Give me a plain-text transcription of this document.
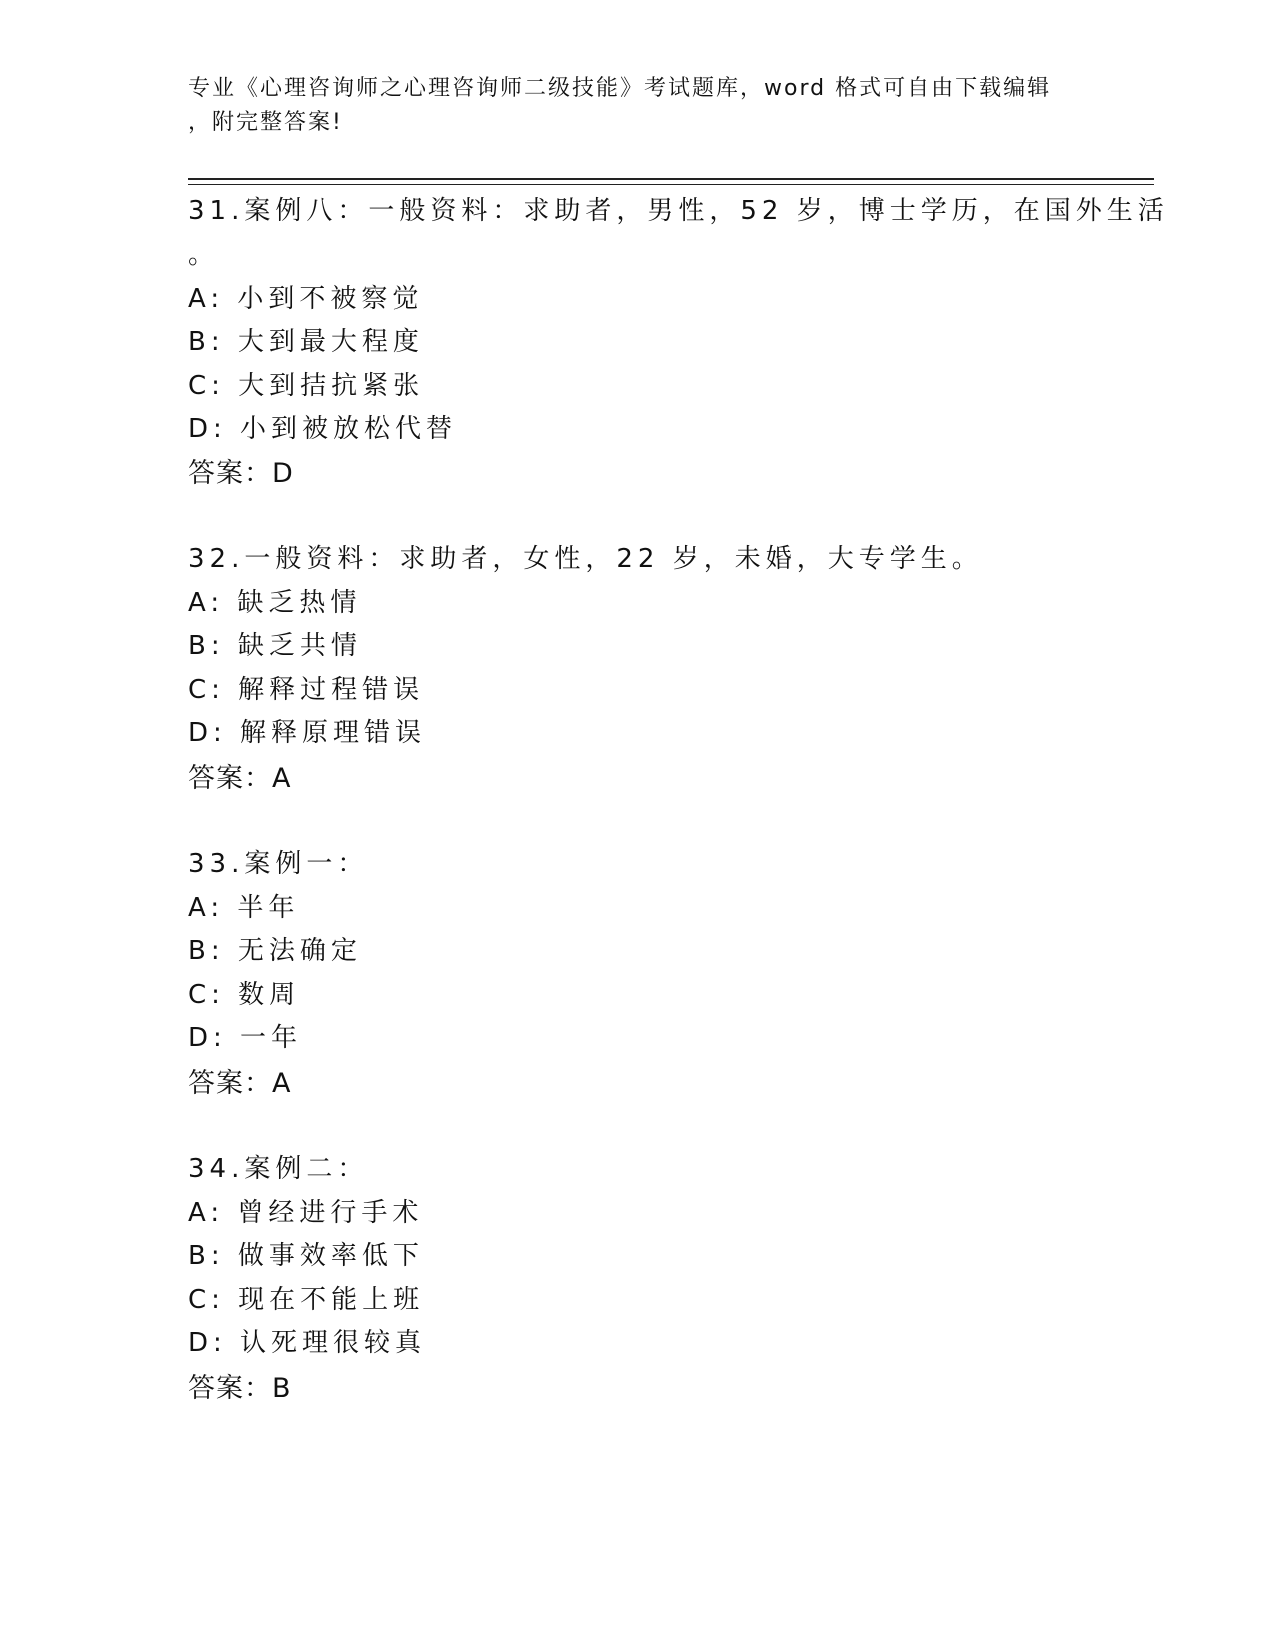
专业《心理咨询师之心理咨询师二级技能》考试题库，word 格式可自由下载编辑
，附完整答案!
31.案例八：一般资料：求助者，男性，52 岁，博士学历，在国外生活
。
A: 小到不被察觉
B: 大到最大程度
C: 大到拮抗紧张
D: 小到被放松代替
答案：D
32.一般资料：求助者，女性，22 岁，未婚，大专学生。
A: 缺乏热情
B: 缺乏共情
C: 解释过程错误
D: 解释原理错误
答案：A
33.案例一：
A: 半年
B: 无法确定
C: 数周
D: 一年
答案：A
34.案例二：
A: 曾经进行手术
B: 做事效率低下
C: 现在不能上班
D: 认死理很较真
答案：B
